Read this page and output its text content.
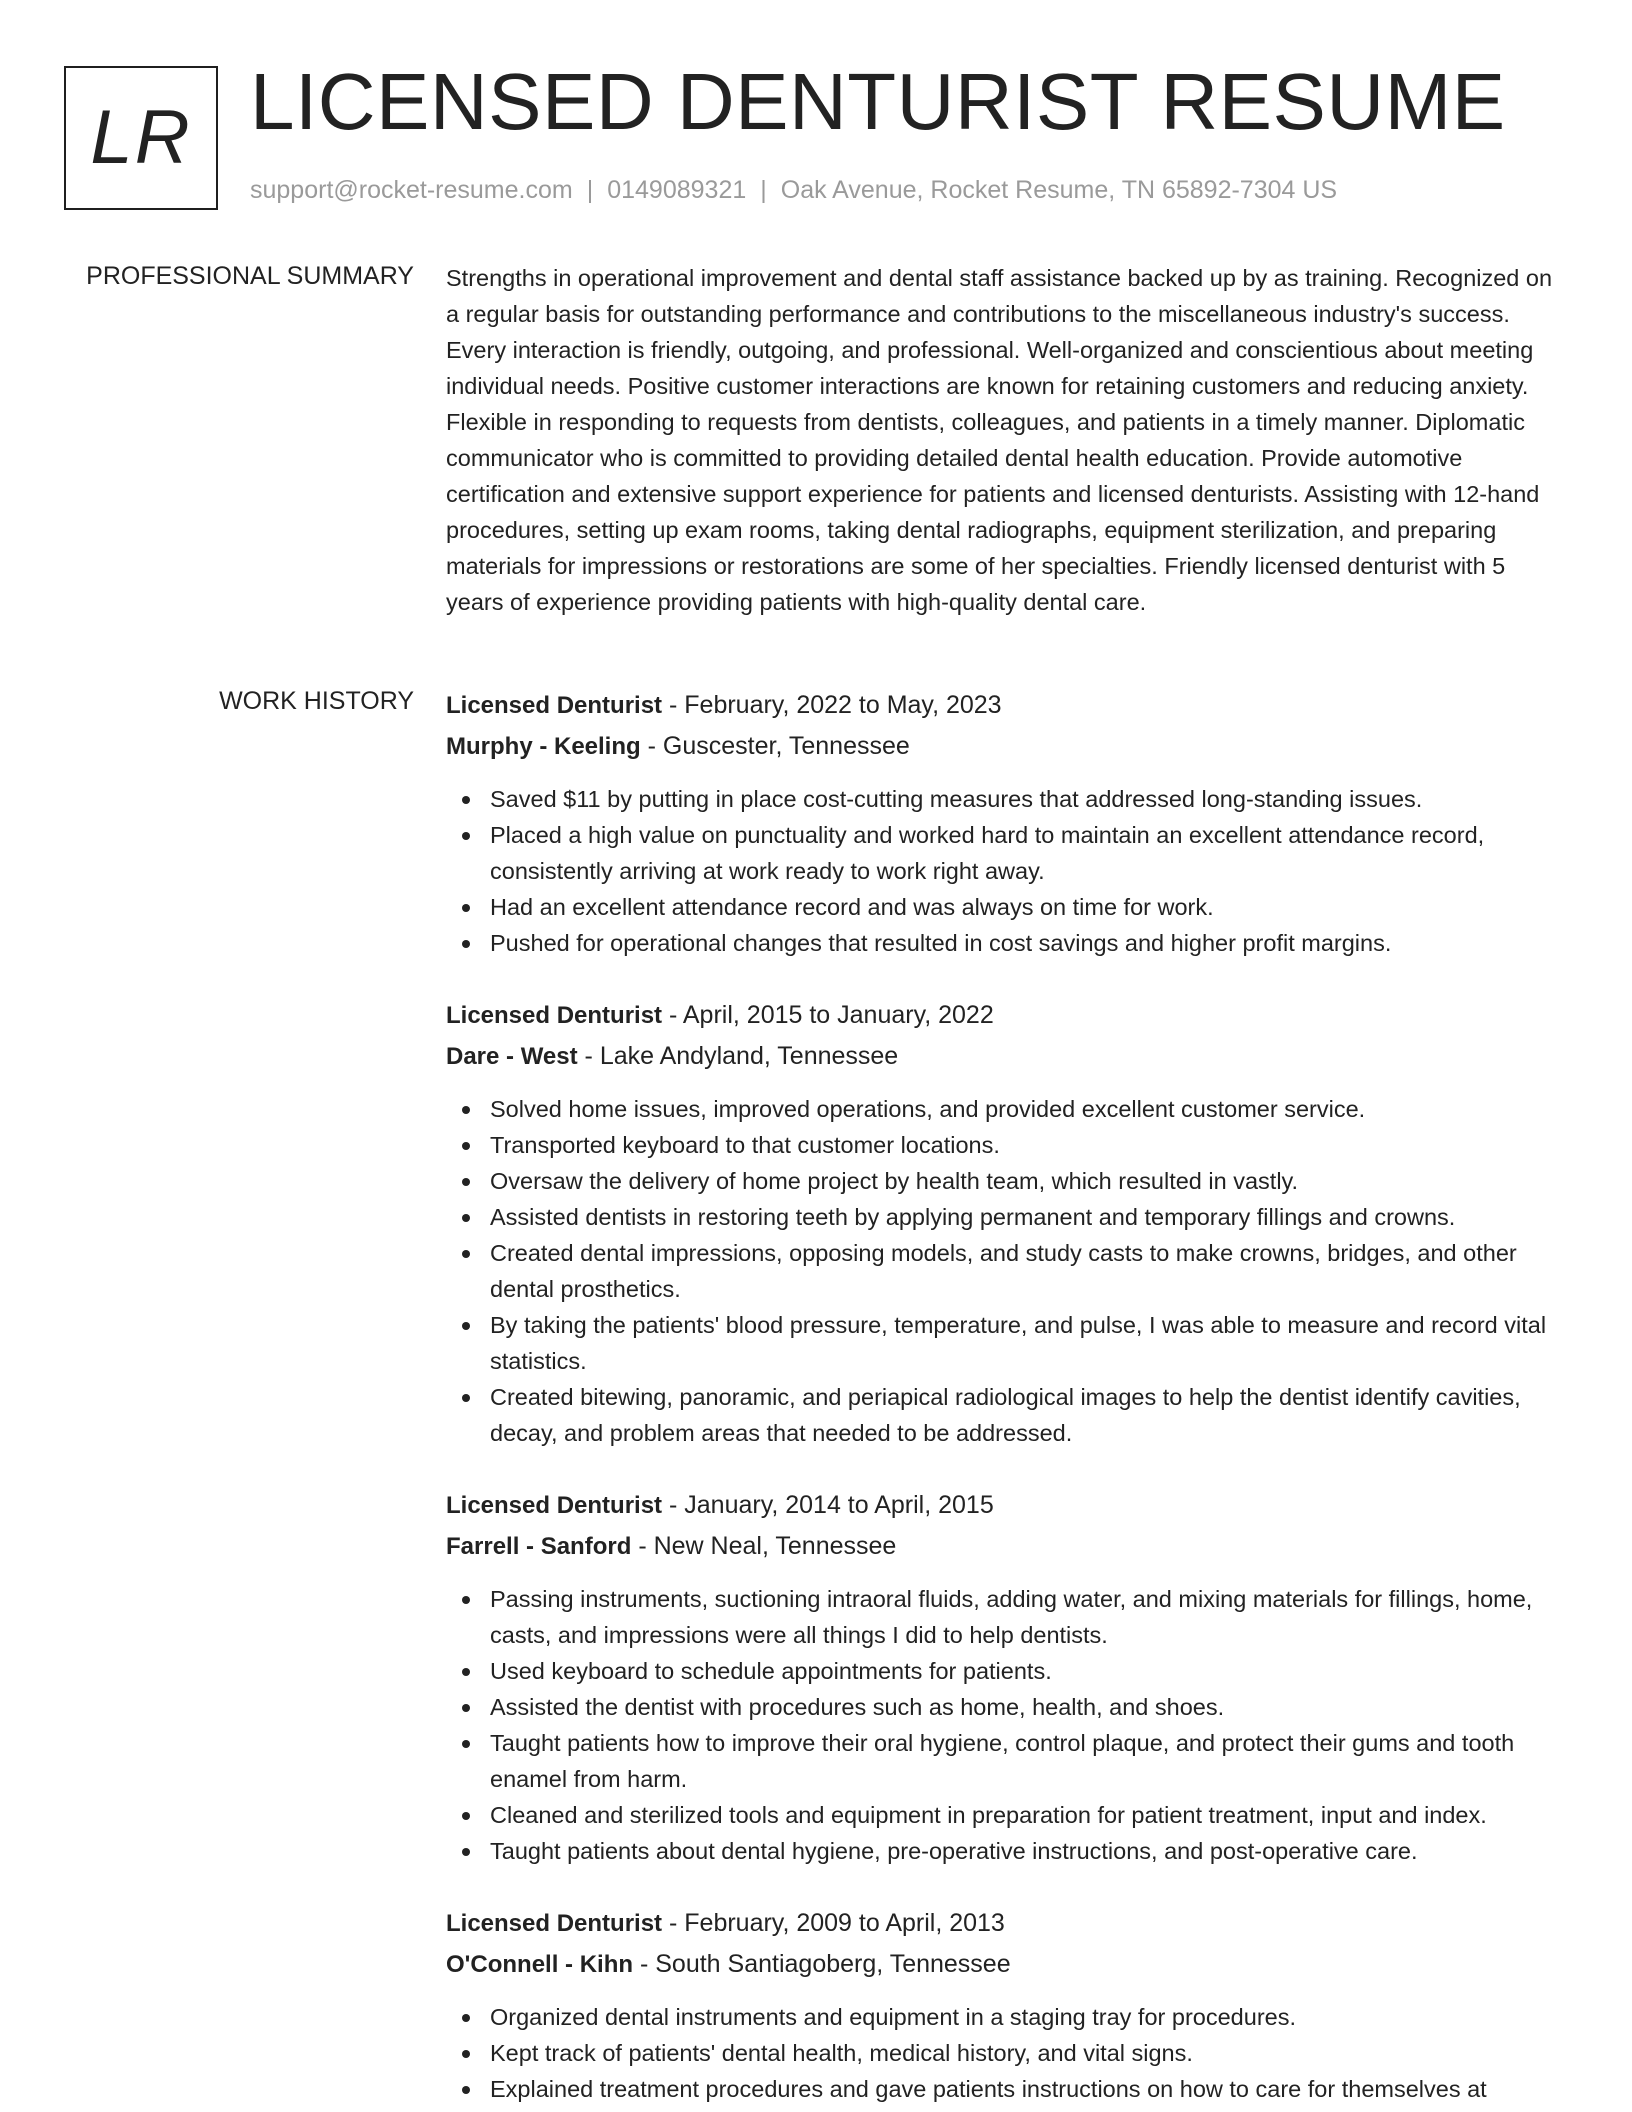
LR LICENSED DENTURIST RESUME
support@rocket-resume.com | 0149089321 | Oak Avenue, Rocket Resume, TN 65892-7304 US
PROFESSIONAL SUMMARY Strengths in operational improvement and dental staff assistance backed up by as training. Recognized on a regular basis for outstanding performance and contributions to the miscellaneous industry's success. Every interaction is friendly, outgoing, and professional. Well-organized and conscientious about meeting individual needs. Positive customer interactions are known for retaining customers and reducing anxiety. Flexible in responding to requests from dentists, colleagues, and patients in a timely manner. Diplomatic communicator who is committed to providing detailed dental health education. Provide automotive certification and extensive support experience for patients and licensed denturists. Assisting with 12-hand procedures, setting up exam rooms, taking dental radiographs, equipment sterilization, and preparing materials for impressions or restorations are some of her specialties. Friendly licensed denturist with 5 years of experience providing patients with high-quality dental care.

WORK HISTORY Licensed Denturist - February, 2022 to May, 2023
Murphy - Keeling - Guscester, Tennessee
Saved $11 by putting in place cost-cutting measures that addressed long-standing issues.
Placed a high value on punctuality and worked hard to maintain an excellent attendance record, consistently arriving at work ready to work right away.
Had an excellent attendance record and was always on time for work.
Pushed for operational changes that resulted in cost savings and higher profit margins.
Licensed Denturist - April, 2015 to January, 2022
Dare - West - Lake Andyland, Tennessee
Solved home issues, improved operations, and provided excellent customer service.
Transported keyboard to that customer locations.
Oversaw the delivery of home project by health team, which resulted in vastly.
Assisted dentists in restoring teeth by applying permanent and temporary fillings and crowns.
Created dental impressions, opposing models, and study casts to make crowns, bridges, and other dental prosthetics.
By taking the patients' blood pressure, temperature, and pulse, I was able to measure and record vital statistics.
Created bitewing, panoramic, and periapical radiological images to help the dentist identify cavities, decay, and problem areas that needed to be addressed.
Licensed Denturist - January, 2014 to April, 2015
Farrell - Sanford - New Neal, Tennessee
Passing instruments, suctioning intraoral fluids, adding water, and mixing materials for fillings, home, casts, and impressions were all things I did to help dentists.
Used keyboard to schedule appointments for patients.
Assisted the dentist with procedures such as home, health, and shoes.
Taught patients how to improve their oral hygiene, control plaque, and protect their gums and tooth enamel from harm.
Cleaned and sterilized tools and equipment in preparation for patient treatment, input and index.
Taught patients about dental hygiene, pre-operative instructions, and post-operative care.
Licensed Denturist - February, 2009 to April, 2013
O'Connell - Kihn - South Santiagoberg, Tennessee
Organized dental instruments and equipment in a staging tray for procedures.
Kept track of patients' dental health, medical history, and vital signs.
Explained treatment procedures and gave patients instructions on how to care for themselves at
